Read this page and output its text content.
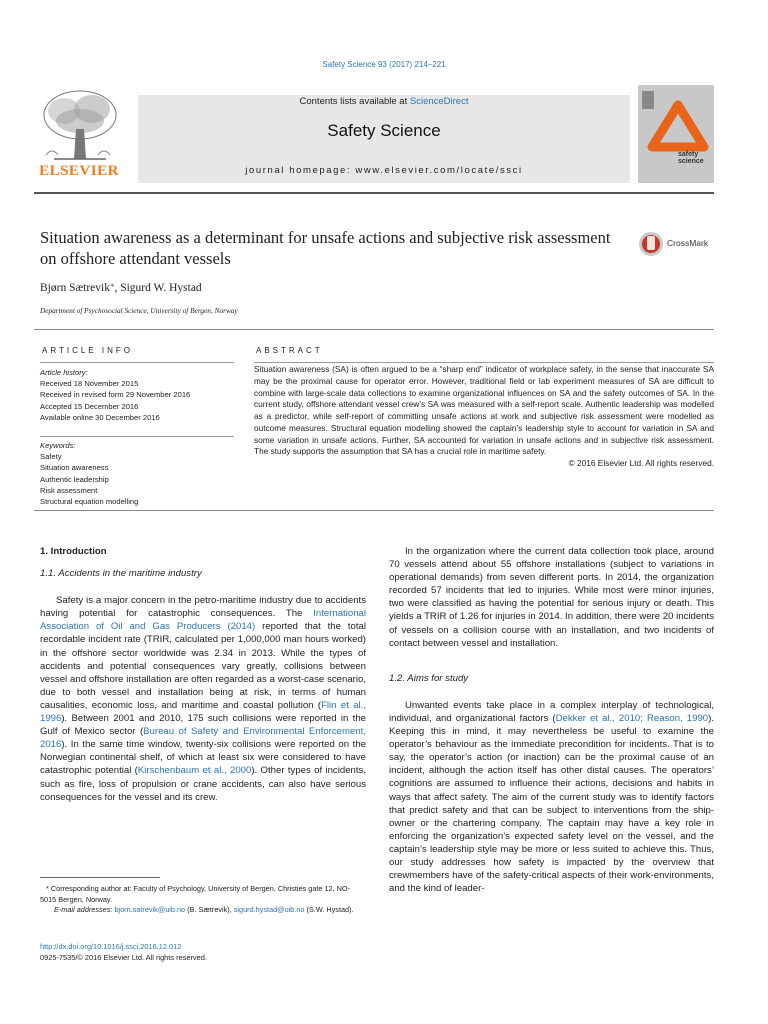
Safety Science 93 (2017) 214–221
ELSEVIER
Contents lists available at ScienceDirect
Safety Science
journal homepage: www.elsevier.com/locate/ssci
safety science
Situation awareness as a determinant for unsafe actions and subjective risk assessment on offshore attendant vessels
CrossMark
Bjørn Sætrevik*, Sigurd W. Hystad
Department of Psychosocial Science, University of Bergen, Norway
ARTICLE INFO
Article history:
Received 18 November 2015
Received in revised form 29 November 2016
Accepted 15 December 2016
Available online 30 December 2016
Keywords:
Safety
Situation awareness
Authentic leadership
Risk assessment
Structural equation modelling
ABSTRACT
Situation awareness (SA) is often argued to be a “sharp end” indicator of workplace safety, in the sense that inaccurate SA may be the proximal cause for operator error. However, traditional field or lab experiment measures of SA are difficult to combine with large-scale data collections to examine organizational influences on SA and the safety outcomes of SA. In the current study, offshore attendant vessel crew’s SA was measured with a self-report scale. Authentic leadership was modelled as a predictor, while self-report of committing unsafe actions at work and subjective risk assessment were modelled as outcome measures. Structural equation modelling showed the captain’s leadership style to account for variation in SA and some variation in unsafe actions. Further, SA accounted for variation in unsafe actions and in subjective risk assessment. The study supports the assumption that SA has a crucial role in maritime safety.
© 2016 Elsevier Ltd. All rights reserved.
1. Introduction
1.1. Accidents in the maritime industry

Safety is a major concern in the petro-maritime industry due to accidents having potential for catastrophic consequences. The International Association of Oil and Gas Producers (2014) reported that the total recordable incident rate (TRIR, calculated per 1,000,000 man hours worked) in the offshore sector worldwide was 2.34 in 2013. While the types of accidents and potential consequences vary greatly, collisions between vessel and offshore installation are often regarded as a worst-case scenario, due to both vessel and installation being at risk, in terms of human causalities, economic loss, and maritime and coastal pollution (Flin et al., 1996). Between 2001 and 2010, 175 such collisions were reported in the Gulf of Mexico sector (Bureau of Safety and Environmental Enforcement, 2016). In the same time window, twenty-six collisions were reported on the Norwegian continental shelf, of which at least six were considered to have catastrophic potential (Kirschenbaum et al., 2000). Other types of incidents, such as fire, loss of propulsion or crane accidents, can also have serious consequences for the vessel and its crew.

In the organization where the current data collection took place, around 70 vessels attend about 55 offshore installations (subject to variations in operational demands) from seven different ports. In 2014, the organization recorded 57 incidents that led to injuries. While most were minor injuries, two were classified as having the potential for serious injury or death. This yields a TRIR of 1.26 for injuries in 2014. In addition, there were 20 incidents of vessels on a collision course with an installation, and two incidents of contact between vessel and installation.

1.2. Aims for study

Unwanted events take place in a complex interplay of technological, individual, and organizational factors (Dekker et al., 2010; Reason, 1990). Keeping this in mind, it may nevertheless be useful to examine the operator’s behaviour as the immediate precondition for incidents. That is to say, the operator’s action (or inaction) can be the proximal cause of an incident, although the action itself has other distal causes. The operators’ cognitions are assumed to influence their actions, decisions and habits in ways that affect safety. The aim of the current study was to identify factors that predict safety and that can be subject to interventions from the ship-owner or the chartering company. The captain may have a key role in enforcing the organization’s expected safety level on the vessel, and the captain’s leadership style may be more or less suited to achieve this. Thus, our study addresses how safety is impacted by the overview that crewmembers have of the safety-critical aspects of their work-environments, and the kind of leader-

* Corresponding author at: Faculty of Psychology, University of Bergen, Christies gate 12, NO-5015 Bergen, Norway.
E-mail addresses: bjorn.satrevik@uib.no (B. Sætrevik), sigurd.hystad@uib.no (S.W. Hystad).
http://dx.doi.org/10.1016/j.ssci.2016.12.012
0925-7535/© 2016 Elsevier Ltd. All rights reserved.
